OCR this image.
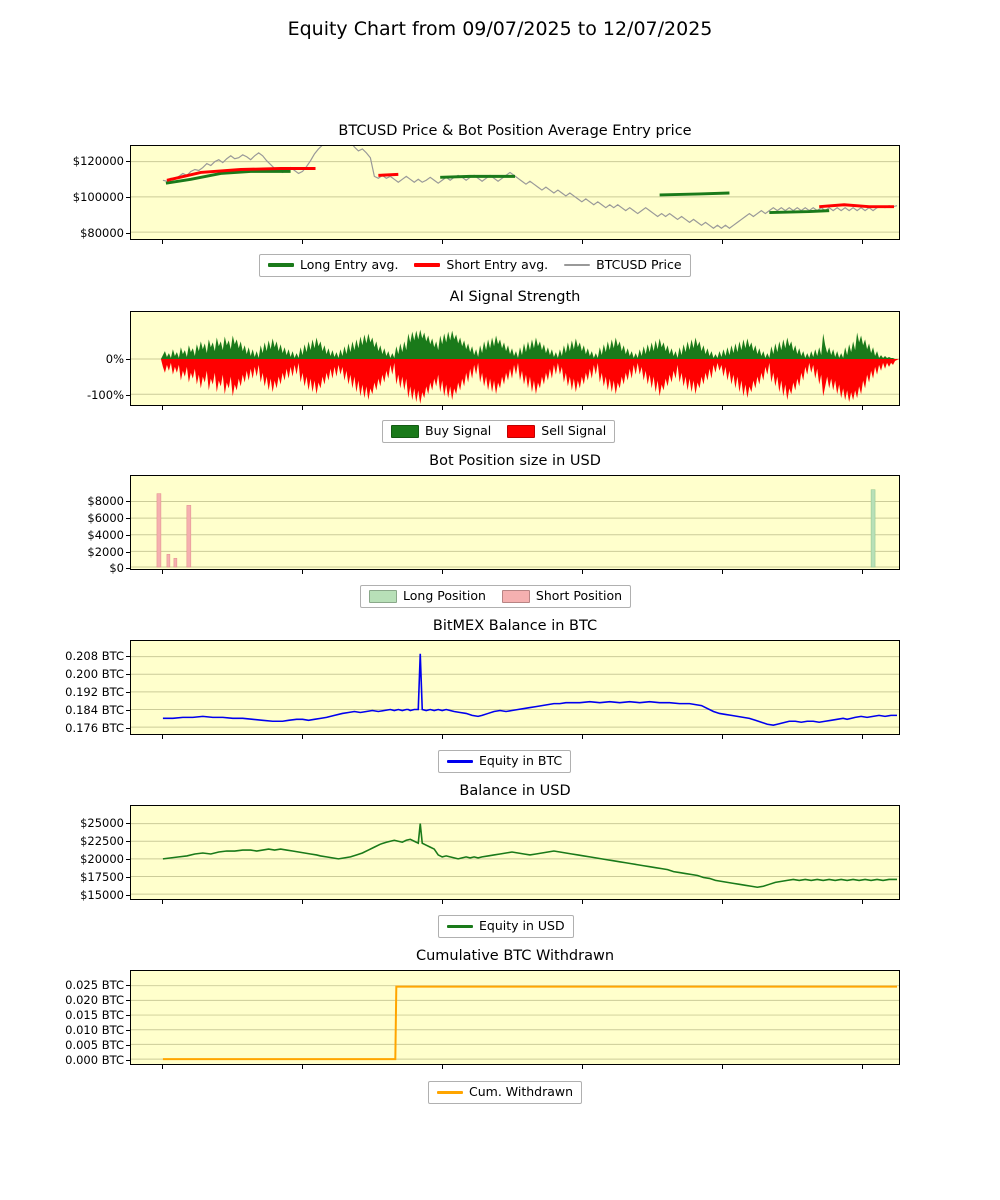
Equity Chart from 09/07/2025 to 12/07/2025
BTCUSD Price & Bot Position Average Entry price
$120000
$100000
$80000
Long Entry avg.	Short Entry avg.	BTCUSD Price
AI Signal Strength
0%
-100%
Buy Signal	Sell Signal
Bot Position size in USD
$8000
$6000
$4000
$2000
$0
Long Position	Short Position
BitMEX Balance in BTC
0.208 BTC
0.200 BTC
0.192 BTC
0.184 BTC
0.176 BTC
Equity in BTC
Balance in USD
$25000
$22500
$20000
$17500
$15000
Equity in USD
Cumulative BTC Withdrawn
0.025 BTC
0.020 BTC
0.015 BTC
0.010 BTC
0.005 BTC
0.000 BTC
Cum. Withdrawn
